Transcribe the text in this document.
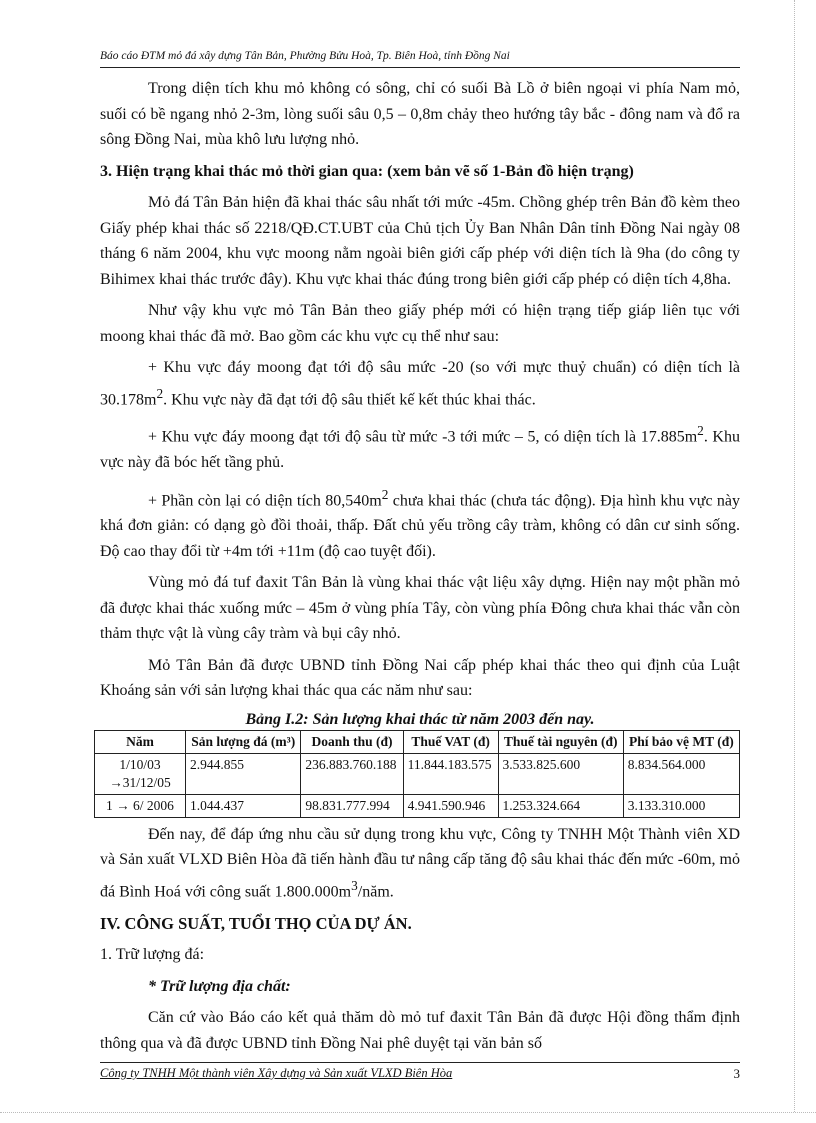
Báo cáo ĐTM mỏ đá xây dựng Tân Bản, Phường Bửu Hoà, Tp. Biên Hoà, tỉnh Đồng Nai

Trong diện tích khu mỏ không có sông, chỉ có suối Bà Lồ ở biên ngoại vi phía Nam mỏ, suối có bề ngang nhỏ 2-3m, lòng suối sâu 0,5 – 0,8m chảy theo hướng tây bắc - đông nam và đổ ra sông Đồng Nai, mùa khô lưu lượng nhỏ.

3. Hiện trạng khai thác mỏ thời gian qua: (xem bản vẽ số 1-Bản đồ hiện trạng)

Mỏ đá Tân Bản hiện đã khai thác sâu nhất tới mức -45m. Chồng ghép trên Bản đồ kèm theo Giấy phép khai thác số 2218/QĐ.CT.UBT của Chủ tịch Ủy Ban Nhân Dân tỉnh Đồng Nai ngày 08 tháng 6 năm 2004, khu vực moong nằm ngoài biên giới cấp phép với diện tích là 9ha (do công ty Bihimex khai thác trước đây). Khu vực khai thác đúng trong biên giới cấp phép có diện tích 4,8ha.

Như vậy khu vực mỏ Tân Bản theo giấy phép mới có hiện trạng tiếp giáp liên tục với moong khai thác đã mở. Bao gồm các khu vực cụ thể như sau:

+ Khu vực đáy moong đạt tới độ sâu mức -20 (so với mực thuỷ chuẩn) có diện tích là $30.178m^2$. Khu vực này đã đạt tới độ sâu thiết kế kết thúc khai thác.

+ Khu vực đáy moong đạt tới độ sâu từ mức -3 tới mức – 5, có diện tích là $17.885m^2$. Khu vực này đã bóc hết tầng phủ.

+ Phần còn lại có diện tích $80,540m^2$ chưa khai thác (chưa tác động). Địa hình khu vực này khá đơn giản: có dạng gò đồi thoải, thấp. Đất chủ yếu trồng cây tràm, không có dân cư sinh sống. Độ cao thay đổi từ +4m tới +11m (độ cao tuyệt đối).

Vùng mỏ đá tuf đaxit Tân Bản là vùng khai thác vật liệu xây dựng. Hiện nay một phần mỏ đã được khai thác xuống mức – 45m ở vùng phía Tây, còn vùng phía Đông chưa khai thác vẫn còn thảm thực vật là vùng cây tràm và bụi cây nhỏ.

Mỏ Tân Bản đã được UBND tỉnh Đồng Nai cấp phép khai thác theo qui định của Luật Khoáng sản với sản lượng khai thác qua các năm như sau:

Bảng I.2: Sản lượng khai thác từ năm 2003 đến nay.
Năm	Sản lượng đá (m³)	Doanh thu (đ)	Thuế VAT (đ)	Thuế tài nguyên (đ)	Phí bảo vệ MT (đ)
1/10/03 →31/12/05	2.944.855	236.883.760.188	11.844.183.575	3.533.825.600	8.834.564.000
1 → 6/ 2006	1.044.437	98.831.777.994	4.941.590.946	1.253.324.664	3.133.310.000

Đến nay, để đáp ứng nhu cầu sử dụng trong khu vực, Công ty TNHH Một Thành viên XD và Sản xuất VLXD Biên Hòa đã tiến hành đầu tư nâng cấp tăng độ sâu khai thác đến mức -60m, mỏ đá Bình Hoá với công suất $1.800.000m^3$/năm.

IV. CÔNG SUẤT, TUỔI THỌ CỦA DỰ ÁN.
1. Trữ lượng đá:
* Trữ lượng địa chất:

Căn cứ vào Báo cáo kết quả thăm dò mỏ tuf đaxit Tân Bản đã được Hội đồng thẩm định thông qua và đã được UBND tỉnh Đồng Nai phê duyệt tại văn bản số

Công ty TNHH Một thành viên Xây dựng và Sản xuất VLXD Biên Hòa	3
